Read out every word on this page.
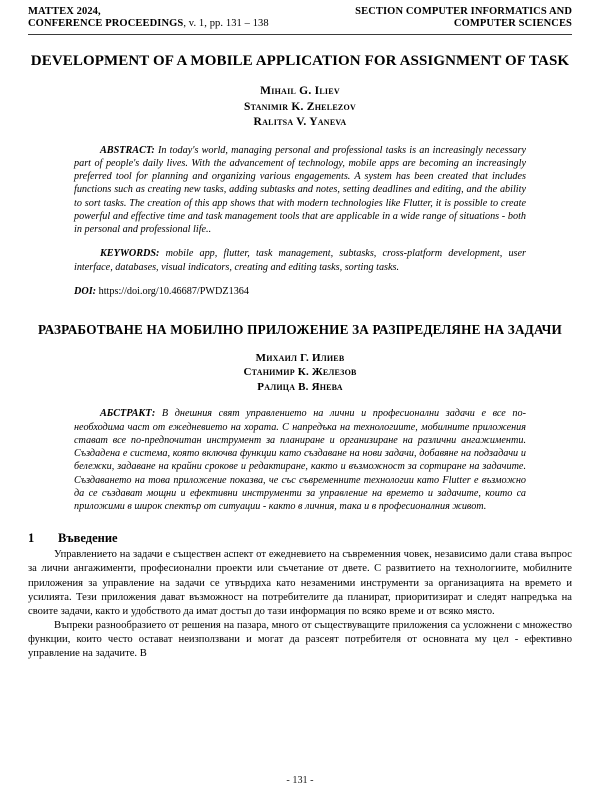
MATTEX 2024,
CONFERENCE PROCEEDINGS, v. 1, pp. 131 – 138
SECTION COMPUTER INFORMATICS AND
COMPUTER SCIENCES
DEVELOPMENT OF A MOBILE APPLICATION FOR ASSIGNMENT OF TASK
Mihail G. Iliev
Stanimir K. Zhelezov
Ralitsa V. Yaneva

ABSTRACT: In today's world, managing personal and professional tasks is an increasingly necessary part of people's daily lives. With the advancement of technology, mobile apps are becoming an increasingly preferred tool for planning and organizing various engagements. A system has been created that includes functions such as creating new tasks, adding subtasks and notes, setting deadlines and editing, and the ability to sort tasks. The creation of this app shows that with modern technologies like Flutter, it is possible to create powerful and effective time and task management tools that are applicable in a wide range of situations - both in personal and professional life..

KEYWORDS: mobile app, flutter, task management, subtasks, cross-platform development, user interface, databases, visual indicators, creating and editing tasks, sorting tasks.

DOI: https://doi.org/10.46687/PWDZ1364
РАЗРАБОТВАНЕ НА МОБИЛНО ПРИЛОЖЕНИЕ ЗА РАЗПРЕДЕЛЯНЕ НА ЗАДАЧИ
Михаил Г. Илиев
Станимир К. Железов
Ралица В. Янева

АБСТРАКТ: В днешния свят управлението на лични и професионални задачи е все по-необходима част от ежедневието на хората. С напредъка на технологиите, мобилните приложения стават все по-предпочитан инструмент за планиране и организиране на различни ангажименти. Създадена е система, която включва функции като създаване на нови задачи, добавяне на подзадачи и бележки, задаване на крайни срокове и редактиране, както и възможност за сортиране на задачите. Създаването на това приложение показва, че със съвременните технологии като Flutter е възможно да се създават мощни и ефективни инструменти за управление на времето и задачите, които са приложими в широк спектър от ситуации - както в личния, така и в професионалния живот.

1	Въведение

Управлението на задачи е съществен аспект от ежедневието на съвременния човек, независимо дали става въпрос за лични ангажименти, професионални проекти или съчетание от двете. С развитието на технологиите, мобилните приложения за управление на задачи се утвърдиха като незаменими инструменти за организацията на времето и усилията. Тези приложения дават възможност на потребителите да планират, приоритизират и следят напредъка на своите задачи, както и удобството да имат достъп до тази информация по всяко време и от всяко място.

Въпреки разнообразието от решения на пазара, много от съществуващите приложения са усложнени с множество функции, които често остават неизползвани и могат да разсеят потребителя от основната му цел - ефективно управление на задачите. В

- 131 -
